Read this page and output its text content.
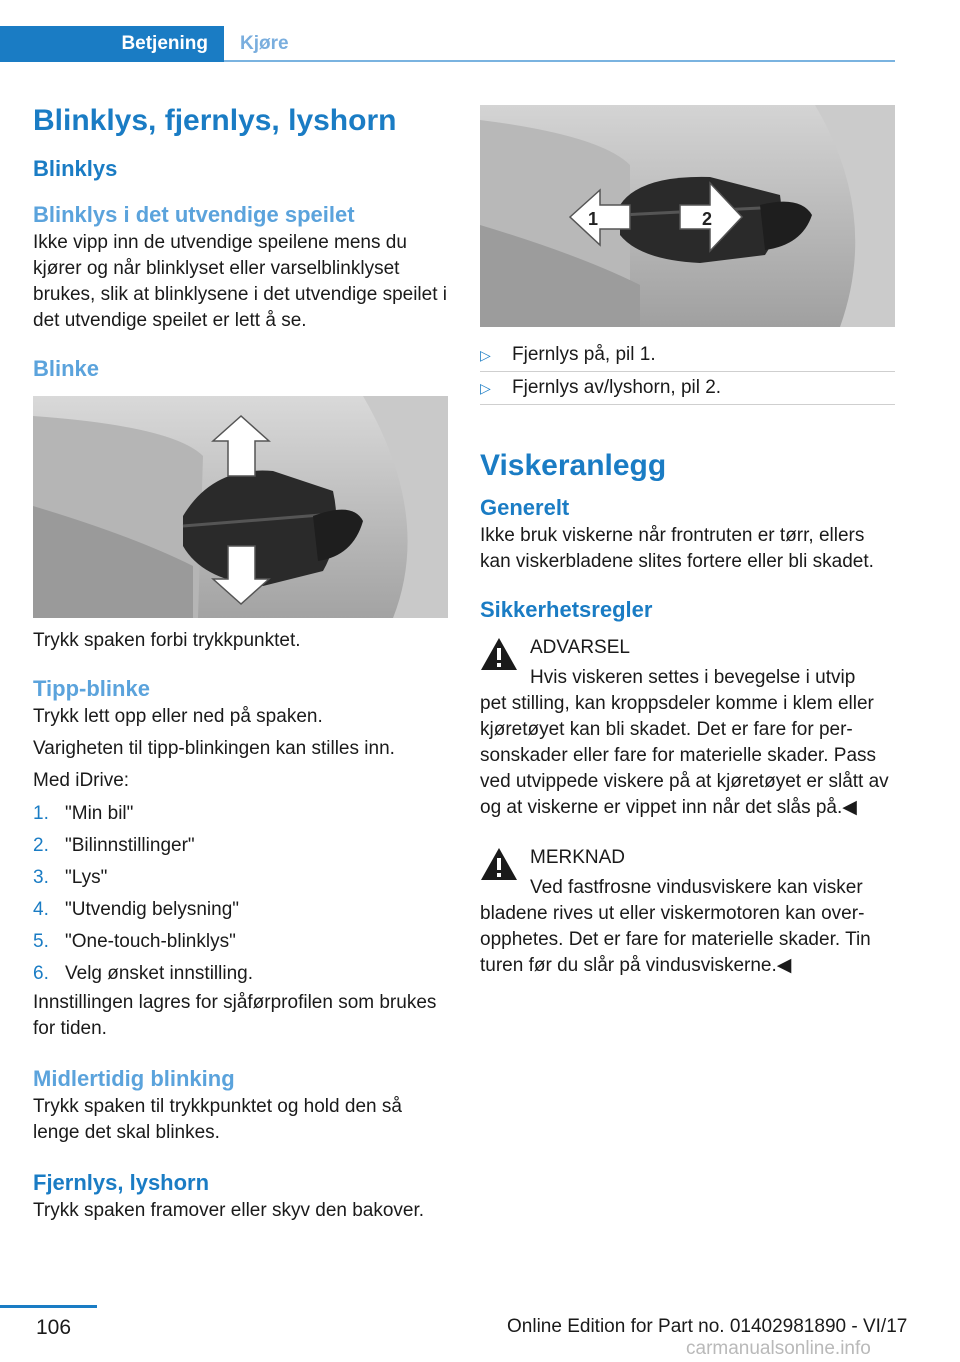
Betjening Kjøre
Blinklys, fjernlys, lyshorn
Blinklys
Blinklys i det utvendige speilet

Ikke vipp inn de utvendige speilene mens du kjører og når blinklyset eller varselblinklyset brukes, slik at blinklysene i det utvendige speilet i det utvendige speilet er lett å se.

Blinke

Trykk spaken forbi trykkpunktet.

Tipp-blinke

Trykk lett opp eller ned på spaken.

Varigheten til tipp-blinkingen kan stilles inn.

Med iDrive:

1. "Min bil"
2. "Bilinnstillinger"
3. "Lys"
4. "Utvendig belysning"
5. "One-touch-blinklys"
6. Velg ønsket innstilling.

Innstillingen lagres for sjåførprofilen som brukes for tiden.

Midlertidig blinking

Trykk spaken til trykkpunktet og hold den så lenge det skal blinkes.

Fjernlys, lyshorn

Trykk spaken framover eller skyv den bakover.

1	2
▷	Fjernlys på, pil 1.
▷	Fjernlys av/lyshorn, pil 2.
Viskeranlegg
Generelt

Ikke bruk viskerne når frontruten er tørr, ellers kan viskerbladene slites fortere eller bli skadet.

Sikkerhetsregler
ADVARSEL

Hvis viskeren settes i bevegelse i utvip

pet stilling, kan kroppsdeler komme i klem eller kjøretøyet kan bli skadet. Det er fare for personskader eller fare for materielle skader. Pass ved utvippede viskere på at kjøretøyet er slått av og at viskerne er vippet inn når det slås på.◀

MERKNAD

Ved fastfrosne vindusviskere kan visker

bladene rives ut eller viskermotoren kan overopphetes. Det er fare for materielle skader. Tin turen før du slår på vindusviskerne.◀

106	Online Edition for Part no. 01402981890 - VI/17
carmanualsonline.info
